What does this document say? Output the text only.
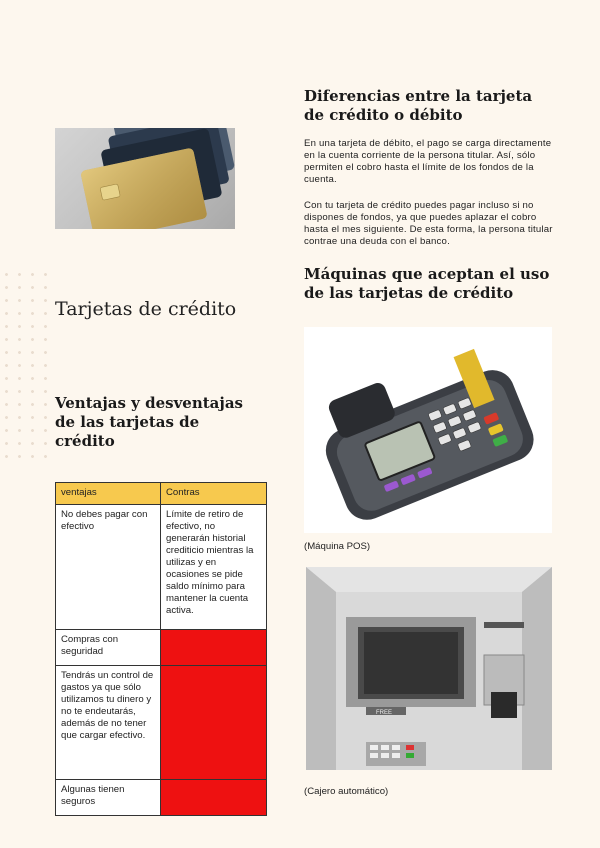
Tarjetas de crédito
Ventajas y desventajas de las tarjetas de crédito
ventajas	Contras
No debes pagar con efectivo	Límite de retiro de efectivo, no generarán historial crediticio mientras la utilizas y en ocasiones se pide saldo mínimo para mantener la cuenta activa.
Compras con seguridad	
Tendrás un control de gastos ya que sólo utilizamos tu dinero y no te endeutarás, además de no tener que cargar efectivo.	
Algunas tienen seguros	
Diferencias entre la tarjeta de crédito o débito

En una tarjeta de débito, el pago se carga directamente en la cuenta corriente de la persona titular. Así, sólo permiten el cobro hasta el límite de los fondos de la cuenta.

Con tu tarjeta de crédito puedes pagar incluso si no dispones de fondos, ya que puedes aplazar el cobro hasta el mes siguiente. De esta forma, la persona titular contrae una deuda con el banco.

Máquinas que aceptan el uso de las tarjetas de crédito
(Máquina POS)
FREE
(Cajero automático)
